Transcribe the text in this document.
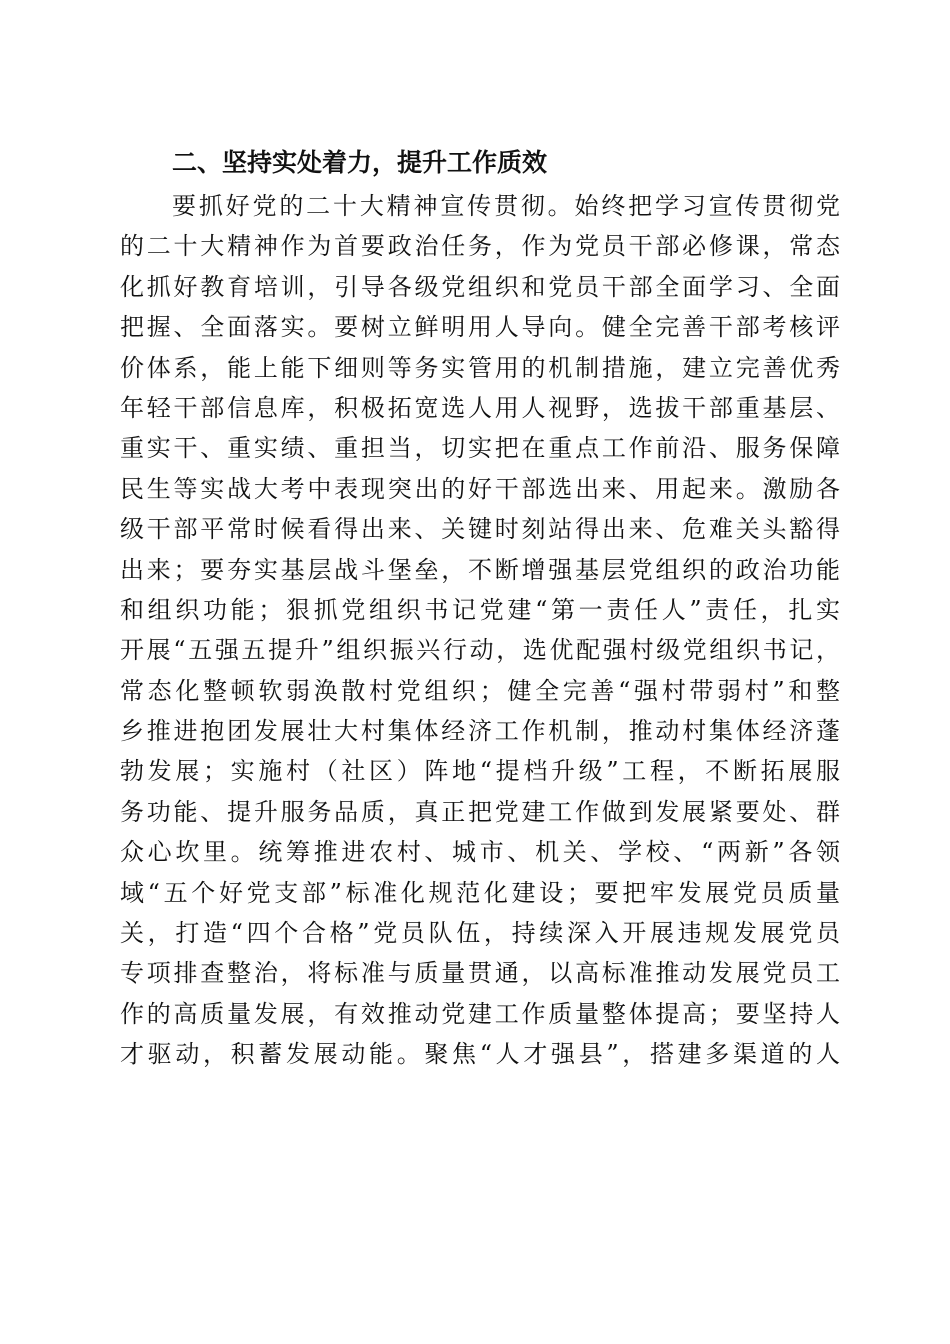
二、坚持实处着力，提升工作质效
要抓好党的二十大精神宣传贯彻。始终把学习宣传贯彻党
的二十大精神作为首要政治任务，作为党员干部必修课，常态
化抓好教育培训，引导各级党组织和党员干部全面学习、全面
把握、全面落实。要树立鲜明用人导向。健全完善干部考核评
价体系，能上能下细则等务实管用的机制措施，建立完善优秀
年轻干部信息库，积极拓宽选人用人视野，选拔干部重基层、
重实干、重实绩、重担当，切实把在重点工作前沿、服务保障
民生等实战大考中表现突出的好干部选出来、用起来。激励各
级干部平常时候看得出来、关键时刻站得出来、危难关头豁得
出来；要夯实基层战斗堡垒，不断增强基层党组织的政治功能
和组织功能；狠抓党组织书记党建“第一责任人”责任，扎实
开展“五强五提升”组织振兴行动，选优配强村级党组织书记，
常态化整顿软弱涣散村党组织；健全完善“强村带弱村”和整
乡推进抱团发展壮大村集体经济工作机制，推动村集体经济蓬
勃发展；实施村（社区）阵地“提档升级”工程，不断拓展服
务功能、提升服务品质，真正把党建工作做到发展紧要处、群
众心坎里。统筹推进农村、城市、机关、学校、“两新”各领
域“五个好党支部”标准化规范化建设；要把牢发展党员质量
关，打造“四个合格”党员队伍，持续深入开展违规发展党员
专项排查整治，将标准与质量贯通，以高标准推动发展党员工
作的高质量发展，有效推动党建工作质量整体提高；要坚持人
才驱动，积蓄发展动能。聚焦“人才强县”，搭建多渠道的人
